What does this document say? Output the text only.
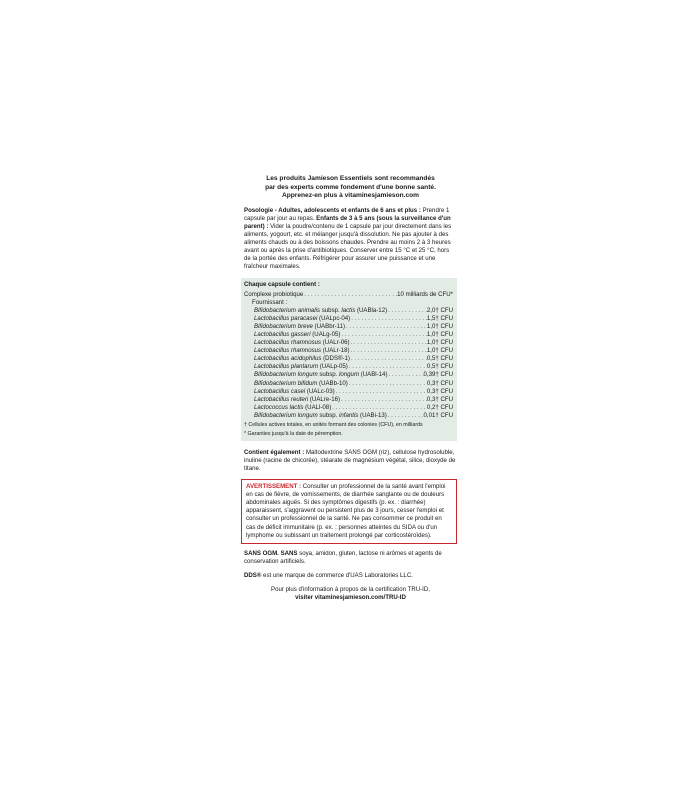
Les produits Jamieson Essentiels sont recommandés
par des experts comme fondement d'une bonne santé.
Apprenez-en plus à vitaminesjamieson.com

Posologie - Adultes, adolescents et enfants de 6 ans et plus : Prendre 1 capsule par jour au repas. Enfants de 3 à 5 ans (sous la surveillance d'un parent) : Vider la poudre/contenu de 1 capsule par jour directement dans les aliments, yogourt, etc. et mélanger jusqu'à dissolution. Ne pas ajouter à des aliments chauds ou à des boissons chaudes. Prendre au moins 2 à 3 heures avant ou après la prise d'antibiotiques. Conserver entre 15 °C et 25 °C, hors de la portée des enfants. Réfrigérer pour assurer une puissance et une fraîcheur maximales.

Chaque capsule contient :
Complexe probiotique . . .	10 milliards de CFU*
Fournissant :
Bifidobacterium animalis subsp. lactis (UABla-12) . . .	2,0† CFU
Lactobacillus paracasei (UALpc-04) . . .	1,5† CFU
Bifidobacterium breve (UABbr-11) . . .	1,0† CFU
Lactobacillus gasseri (UALg-05) . . .	1,0† CFU
Lactobacillus rhamnosus (UALr-06) . . .	1,0† CFU
Lactobacillus rhamnosus (UALr-18) . . .	1,0† CFU
Lactobacillus acidophilus (DDS®-1) . . .	0,5† CFU
Lactobacillus plantarum (UALp-05) . . .	0,5† CFU
Bifidobacterium longum subsp. longum (UABl-14) . . .	0,39† CFU
Bifidobacterium bifidum (UABb-10) . . .	0,3† CFU
Lactobacillus casei (UALc-03) . . .	0,3† CFU
Lactobacillus reuteri (UALre-16) . . .	0,3† CFU
Lactococcus lactis (UALl-08) . . .	0,2† CFU
Bifidobacterium longum subsp. infantis (UABi-13) . . .	0,01† CFU
† Cellules actives totales, en unités formant des colonies (CFU), en milliards
* Garanties jusqu'à la date de péremption.

Contient également : Maltodextrine SANS OGM (riz), cellulose hydrosoluble, inuline (racine de chicorée), stéarate de magnésium végétal, silice, dioxyde de titane.

AVERTISSEMENT : Consulter un professionnel de la santé avant l'emploi en cas de fièvre, de vomissements, de diarrhée sanglante ou de douleurs abdominales aiguës. Si des symptômes digestifs (p. ex. : diarrhée) apparaissent, s'aggravent ou persistent plus de 3 jours, cesser l'emploi et consulter un professionnel de la santé. Ne pas consommer ce produit en cas de déficit immunitaire (p. ex. : personnes atteintes du SIDA ou d'un lymphome ou subissant un traitement prolongé par corticostéroïdes).

SANS OGM. SANS soya, amidon, gluten, lactose ni arômes et agents de conservation artificiels.

DDS® est une marque de commerce d'UAS Laboratories LLC.

Pour plus d'information à propos de la certification TRU-ID,
visiter vitaminesjamieson.com/TRU-ID
